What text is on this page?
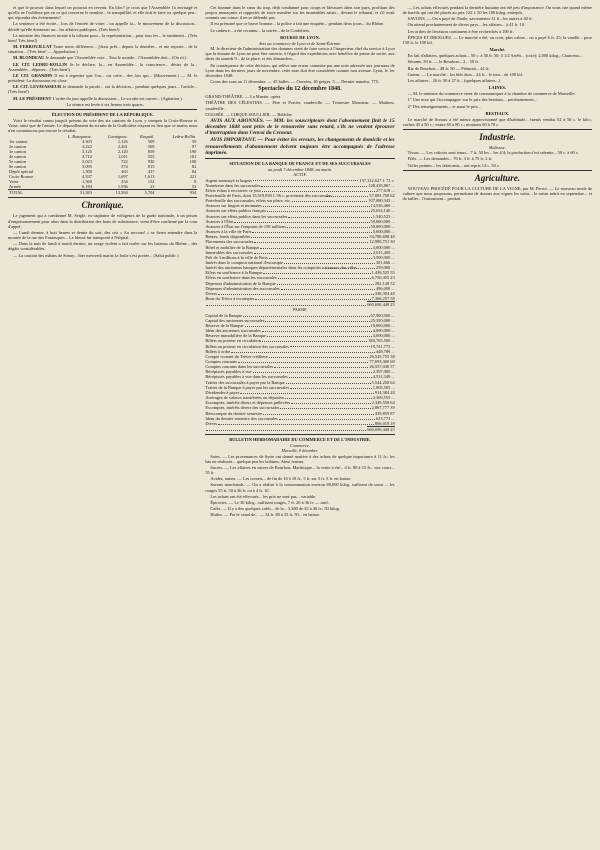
et que le pouvoir dans lequel on pourrait en revenir. En bloc? je crois que l'Assemblée l'a envisagé et qu'elle ne l'oubliera pas en ce qui concerne le nombre... la tranquillité, et elle doit le faire ou quelque peu... qui répondra des événements?

La sentence a été écrite... lors de l'entrée de votre... on appelle la... le mouvement de la discussion... décidé qu'elle donnerait au... les affaires publiques. (Très bien!)

Le ministre des finances monte à la tribune pour... la représentation... pour tous les... le sentiment... (Très bien! Très bien!)

M. FERROUILLAT Toute notre différence... j'étais prêt... depuis la dernière... et me reporte... de la situation... (Très bien! — Approbation.)

M. BLONDEAU Je demande que l'Assemblée vote... Tout le monde... l'Assemblée doit... (On rit.)

LE CIT. LEDRU-ROLLIN Je le déclare, la... en Assemblée... la conscience... désirs de la... Assemblée... déposer... (Très bien!)

LE CIT. GRANDIN Il est à regretter que l'on... car cette... des lois qui... (Mouvement.) — M. le président: La discussion est close.

LE CIT. LEVAVASSEUR Je demande la parole... sur la décision... pendant quelques jours... l'article... (Très bien!)

M. LE PRÉSIDENT L'ordre du jour appelle la discussion... Le scrutin est ouvert... (Agitation.)

La séance est levée à six heures trois quarts.

ÉLECTION DU PRÉSIDENT DE LA RÉPUBLIQUE.

Voici le résultat connu jusqu'à présent du vote des six cantons de Lyon, y compris la Croix-Rousse et Vaise, ainsi que de l'armée. Le dépouillement du scrutin de la Guillotière n'ayant eu lieu que ce matin, nous n'en connaissons pas encore le résultat.

	L. Bonaparte.	Cavaignac.	Raspail.	Ledru-Rollin.
1er canton	3,303	1,126	509	59
2e canton	4,222	2,261	569	97
3e canton	3,125	2,120	859	190
4e canton	2,712	1,011	555	101
5e canton	3,023	722	930	100
6e canton	3,095	574	815	82
Dépôt spécial	1,300	463	417	84
Croix-Rousse	4,337	1,697	1,613	221
Vaise	1,360	254	152	8
Armée	6,184	1,936	23	53
TOTAL	31,383	13,384	5,704	934
Chronique.

Le jugement qui a condamné M. Seigle, ex-capitaine de voltigeurs de la garde nationale, à un prison d'emprisonnement pour abus dans la distribution des bons de subsistance, vient d'être confirmé par la cour d'appel.

— Lundi dernier, à huit heures et demie du soir, des cris « Au secours! » se firent entendre dans la montée de la rue des Fantasques... Le blessé fut transporté à l'hôpital.

— Dans la nuit de lundi à mardi dernier, un orage violent a fait rouler sur les bateaux du Rhône... des dégâts considérables.

— La caution des mâtins de Sonay... hier mercredi matin; la foule s'est portée... (Salut public.)

Cet homme dans le cœur du trap, déjà condamné pour coups et blessures dans son pays, profitant des propos menaçants et rapportés de toute manière sur les immeubles saisis... devant le tribunal, et s'il avait commis son crime, il ne se défendit pas.

Il est présumé que ce brave homme... la police a fait une enquête... pendant deux jours... du Rhône.

Le cadavre... a été reconnu... la soirée... de la Cordeliers.

BOURSE DE LYON.
Avis au commerce de Lyon et de Saint-Étienne.

M. le directeur de l'administration des douanes vient de faire savoir à l'inspecteur chef du service à Lyon que la douane de Lyon ne peut être ouverte, à l'égard des expéditions avec bénéfice de prime de sortie, aux dates du samedi 9... de la place, et des dimanches...

En conséquence de cette décision, qui relève une erreur commise par une note adressée aux journaux de Lyon dans les derniers jours de novembre, cette note doit être considérée comme non avenue. Lyon, le 1er décembre 1848.

Cours des sous au 11 décembre. — 45 balles. — Ouvrées, 40 grèges. 5 — Dernier numéro, 775.

Spectacles du 12 décembre 1848.

GRAND-THÉÂTRE. — La Muette, opéra.

THÉÂTRE DES CÉLESTINS. — Père et Portier, vaudeville. — Trimestre Monsieur. — Mathieu, vaudeville.

COLISÉE. — CIRQUE SOULLIER. — Relâche.

AVIS AUX ABONNÉS. — MM. les souscripteurs dont l'abonnement finit le 15 décembre 1848 sont priés de le renouveler sans retard, s'ils ne veulent éprouver d'interruption dans l'envoi du Censeur.

AVIS IMPORTANT. — Pour éviter les erreurs, les changements de domicile et les renouvellements d'abonnement doivent toujours être accompagnés de l'adresse imprimée.

SITUATION DE LA BANQUE DE FRANCE ET DE SES SUCCURSALES
au jeudi 7 décembre 1848, au matin.
ACTIF.
Argent monnayé et lingots	137,312,627 f. 71 c.
Numéraire dans les succursales	128,435,867 ...
Effets échus à recouvrer ce jour	277,618 ...
Portefeuille de Paris, dont 15,919,830 f. 56 c. provenant des succursales	57,083,750 62
Portefeuille des succursales, effets sur place, etc.	107,080,343 ...
Avances sur lingots et monnaies	14,536,460 ...
Avances sur effets publics français	25,634,146 ...
Avances sur effets publics dans les succursales	1,540,525 ...
Avances à l'État	50,000,000 ...
Avances à l'État sur l'emprunt de 150 millions	50,000,000 ...
Avances à la ville de Paris	5,000,000 ...
Rentes, fonds disponibles	34,780,698 48
Placements des succursales	12,980,751 30
Hôtel et mobilier de la Banque	4,000,000 ...
Immeubles des succursales	2,611,400 ...
Prêt de 3 millions à la ville de Paris	3,500,000 ...
Intérêt dans le comptoir national d'escompte	301,666 ...
Intérêt des anciennes banques départementales dans les comptoirs nationaux des villes	259,000 ...
Effets en souffrance à la Banque	1,439,525 55
Effets en souffrance dans les succursales	6,750,455 23
Dépenses d'administration de la Banque	282,148 52
Dépenses d'administration des succursales	496,000 ...
Divers	338,304 48
Bons du Trésor à escompter	7,366,257 58
660,690,448 25
PASSIF.
Capital de la Banque	67,900,000 ...
Capital des anciennes succursales	25,350,000 ...
Réserve de la Banque	10,000,000 ...
Idem des anciennes succursales	4,000,000 ...
Réserve immobilière de la Banque	4,000,000 ...
Billets au porteur en circulation	383,765,500 ...
Billets au porteur en circulation des succursales	19,741,775 ...
Billets à ordre	448,789 ...
Compte courant du Trésor créditeur	26,545,755 58
Comptes courants	77,693,300 69
Comptes courants dans les succursales	26,557,040 57
Récépissés payables à vue	2,397,000 ...
Récépissés payables à vue dans les succursales	4,531,349 ...
Traites des succursales à payer par la Banque	5,544,258 64
Traites de la Banque à payer par les succursales	1,065,505 ...
Dividendes à payer	914,384 28
Arrérages de valeurs transférées ou déposées	2,369,555 ...
Escomptes, intérêts divers et dépenses prélevées	2,349,558 64
Escomptes, intérêts divers des succursales	2,867,777 39
Réescompte du dernier semestre	439,859 87
Idem du dernier semestre des succursales	623,773 ...
Divers	866,018 18
660,690,448 25
BULLETIN HEBDOMADAIRE DU COMMERCE ET DE L'INDUSTRIE.
Commerce.
Marseille, 8 décembre.

Soies. — Les provenances de Syrie ont donné matière à des achats de quelque importance à 11 fr.; les bas ne réalisent... quelque peu les bobines. Ainsi fermes.

Sucres. — Les affaires en sucres de Bourbon, Martinique... la vente a été... 4 fr. 80 à 15 fr... nos cours... 55 fr.

Acides, rames. — Les corsets... de fin de 16 à 18 fr., 5 fr. sur 5 fr. 5 fr. en baisse.

Savons marchands. — On a réalisé à la consommation environ 80,000 kilog. suffisent de soins ... les rouges 55 fr. 50 à 36 fr. ou à 4 fr. 10.

Les achats ont été effectués... les prix ne sont pas... variable.

Épiceries. — Le 30 kilog., suffisent rouges, 7 fr. 20 à 36 fr. — tarif.

Cafés. — Il y a des quelques cafés... de la... 3,300 de 43 à 46 fr.; 50 kilog.

Huiles. — Par le canal de... — 34 fr. 80 à 35 fr. 50... en baisse.

— Les achats effectués pendant la dernière huitaine ont été peu d'importance. On nous cite quand même de baréils qui ont été placés au prix 122 f. 50 les 100 kilog. entrepôt.

SAVONS. — On a payé de l'huile, savonneries 31 fr.; les autres à 40 fr.

On attend prochainement de divers pays... les affaires... à 41 fr. 10.

Les ordres de livraison continuent à être recherchés à 100 fr.

ÉPICES ET DROGUES. — Le marché a été, on croit, plus calme... on a payé 6 fr. 25; la vanille... pour 150 fr. le 100 kil.

Marché.

En fait d'affaires, quelques achats... 50 c. à 50 fr. 50; 3 1/2 Arrêts... (cote); 2,000 kilog.; Chartreux...

Sésame, 50 fr. — le Bourbon... 2... 50 fr.

Riz de Bourbon... 48 fr. 50 — Piémont... 44 fr.

Grains. — Le marché... les blés durs... 24 fr... le tout... de 100 kil.

Les affaires... 26 fr. 50 à 27 fr... (quelques affaires...)

LAINES.

— M. le ministre du commerce vient de communiquer à la chambre de commerce de Marseille:

1° Une note qui l'accompagne: sur le prix des bestiaux... prochainement...

2° Des renseignements... et aussi le prix...

BESTIAUX.

Le marché de Sceaux a été mieux approvisionné que d'habitude... bœufs vendus 52 à 56 c. le kilo.; vaches 45 à 50 c.; veaux 65 à 80 c.; moutons 60 à 70 c.

Industrie.
Mulhouse.

Tissus. — Les calicots sont tenus... 7 fr. 50 les... les 4/4; la production s'est ralentie... 50 c. à 60 c.

Filés. — Les demandes... 70 fr. 3 fr. à 75 fr. 2 fr.

Toiles peintes... les fabricants... ont repris 14 c. 50 c.

Agriculture.

NOUVEAU PROCÉDÉ POUR LA CULTURE DE LA VIGNE, par M. Perrot. — Le nouveau mode de culture que nous proposons, permettant de donner aux vignes les soins... le raisin mûrit en septembre... et de tailler... l'instrument... produit.
